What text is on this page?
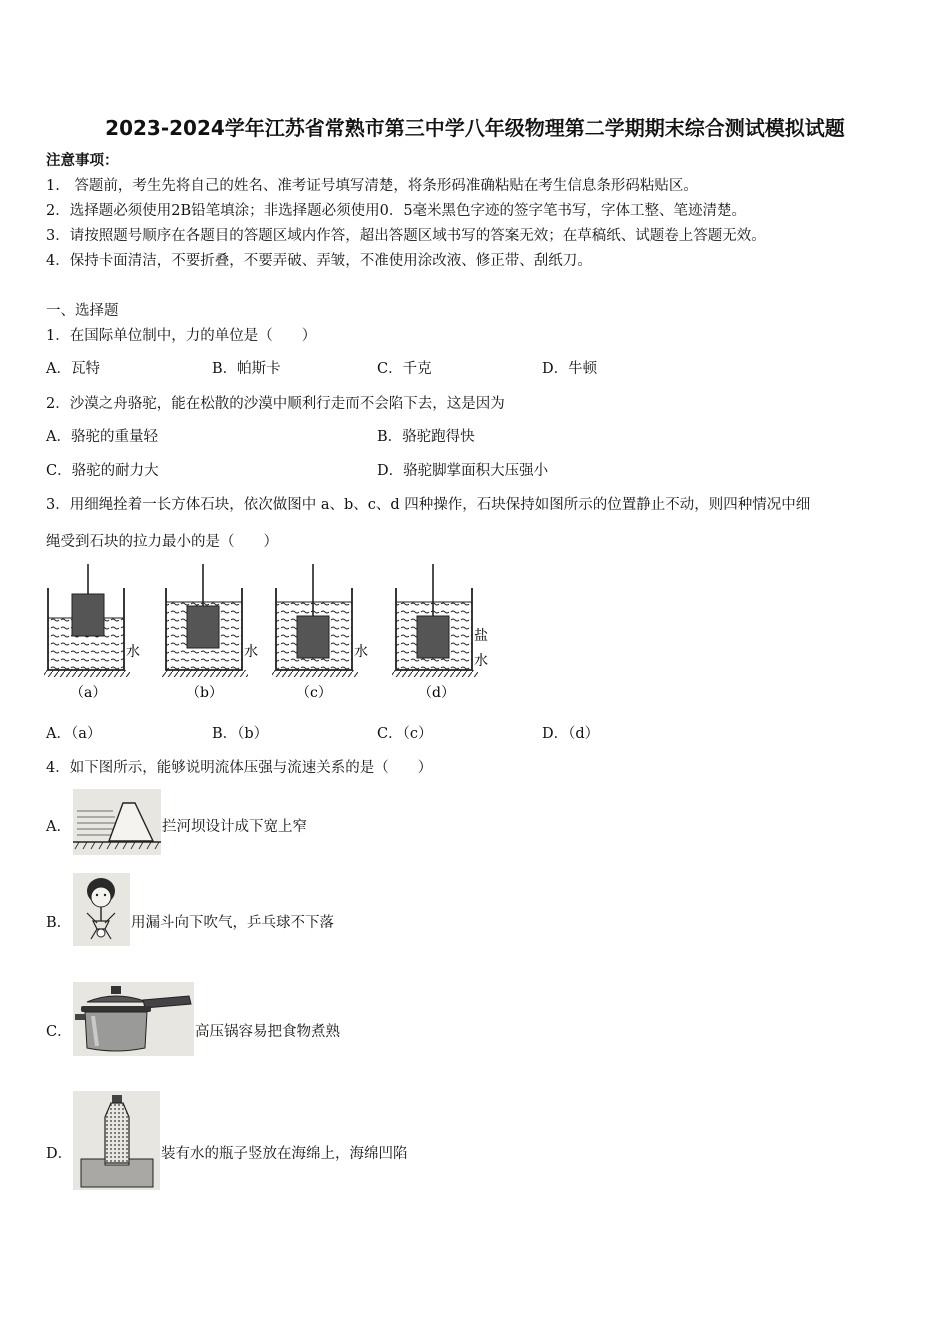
2023-2024学年江苏省常熟市第三中学八年级物理第二学期期末综合测试模拟试题
注意事项：
1.　答题前，考生先将自己的姓名、准考证号填写清楚，将条形码准确粘贴在考生信息条形码粘贴区。
2．选择题必须使用2B铅笔填涂；非选择题必须使用0．5毫米黑色字迹的签字笔书写，字体工整、笔迹清楚。
3．请按照题号顺序在各题目的答题区域内作答，超出答题区域书写的答案无效；在草稿纸、试题卷上答题无效。
4．保持卡面清洁，不要折叠，不要弄破、弄皱，不准使用涂改液、修正带、刮纸刀。
一、选择题
1．在国际单位制中，力的单位是（　　）
A．瓦特	B．帕斯卡	C．千克	D．牛顿
2．沙漠之舟骆驼，能在松散的沙漠中顺利行走而不会陷下去，这是因为
A．骆驼的重量轻	B．骆驼跑得快
C．骆驼的耐力大	D．骆驼脚掌面积大压强小
3．用细绳拴着一长方体石块，依次做图中 a、b、c、d 四种操作，石块保持如图所示的位置静止不动，则四种情况中细
绳受到石块的拉力最小的是（　　）
水
（a）
水
（b）
水
（c）
盐
水
（d）
A．（a）	B．（b）	C．（c）	D．（d）
4．如下图所示，能够说明流体压强与流速关系的是（　　）
A．	拦河坝设计成下宽上窄
B．	用漏斗向下吹气，乒乓球不下落
C．	高压锅容易把食物煮熟
D．	装有水的瓶子竖放在海绵上，海绵凹陷
